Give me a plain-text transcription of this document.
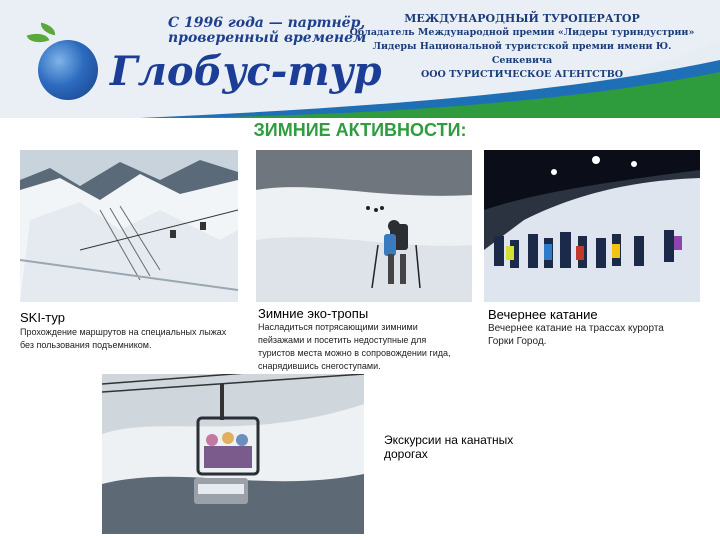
С 1996 года — партнёр,
проверенный временем
Глобус-тур
МЕЖДУНАРОДНЫЙ ТУРОПЕРАТОР
Обладатель Международной премии «Лидеры туриндустрии»
Лидеры Национальной туристской премии имени Ю. Сенкевича
ООО ТУРИСТИЧЕСКОЕ АГЕНТСТВО
ЗИМНИЕ АКТИВНОСТИ:
SKI-тур
Прохождение маршрутов на специальных лыжах без пользования подъемником.
Зимние эко-тропы
Насладиться потрясающими зимними пейзажами и посетить недоступные для туристов места можно в сопровождении гида, снарядившись снегоступами.
Вечернее катание
Вечернее катание на трассах курорта Горки Город.
Экскурсии на канатных дорогах
